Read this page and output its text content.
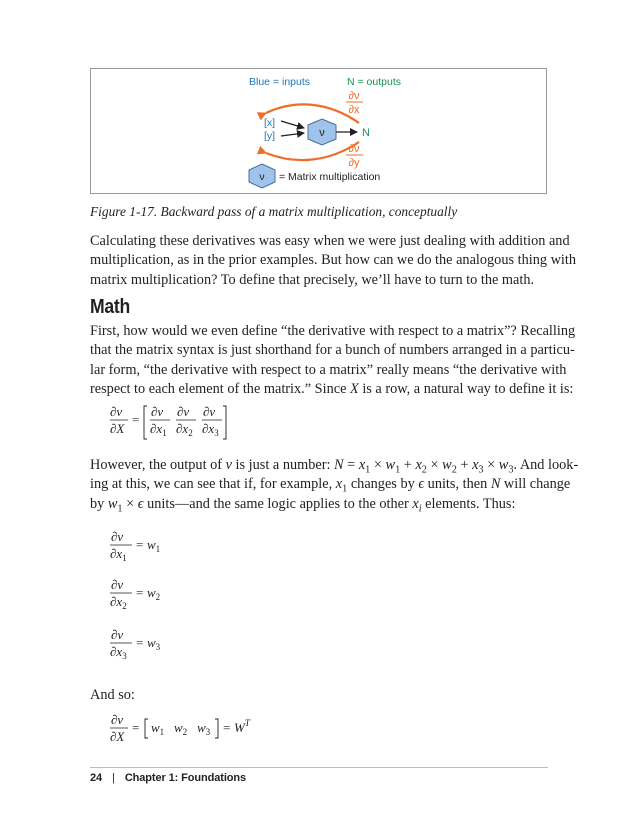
Blue = inputs	N = outputs
∂ν
∂x
[x]
[y]	ν	N
∂ν
∂y
ν = Matrix multiplication
Figure 1-17. Backward pass of a matrix multiplication, conceptually
Calculating these derivatives was easy when we were just dealing with addition and
multiplication, as in the prior examples. But how can we do the analogous thing with
matrix multiplication? To define that precisely, we’ll have to turn to the math.
Math
First, how would we even define “the derivative with respect to a matrix”? Recalling
that the matrix syntax is just shorthand for a bunch of numbers arranged in a particu-
lar form, “the derivative with respect to a matrix” really means “the derivative with
respect to each element of the matrix.” Since X is a row, a natural way to define it is:
∂ν
∂X
=
∂ν
$\partial x_1$
∂ν
$\partial x_2$
∂ν
$\partial x_3$
However, the output of ν is just a number: $N = x_1 \times w_1 + x_2 \times w_2 + x_3 \times w_3$. And look-
ing at this, we can see that if, for example, $x_1$ changes by ϵ units, then N will change
by $w_1 \times \epsilon$ units—and the same logic applies to the other $x_i$ elements. Thus:
∂ν
$\partial x_1$
= $w_1$
∂ν
$\partial x_2$
= $w_2$
∂ν
$\partial x_3$
= $w_3$
And so:
∂ν
∂X
= $w_1$ $w_2$ $w_3 = W^T$
24 | Chapter 1: Foundations
